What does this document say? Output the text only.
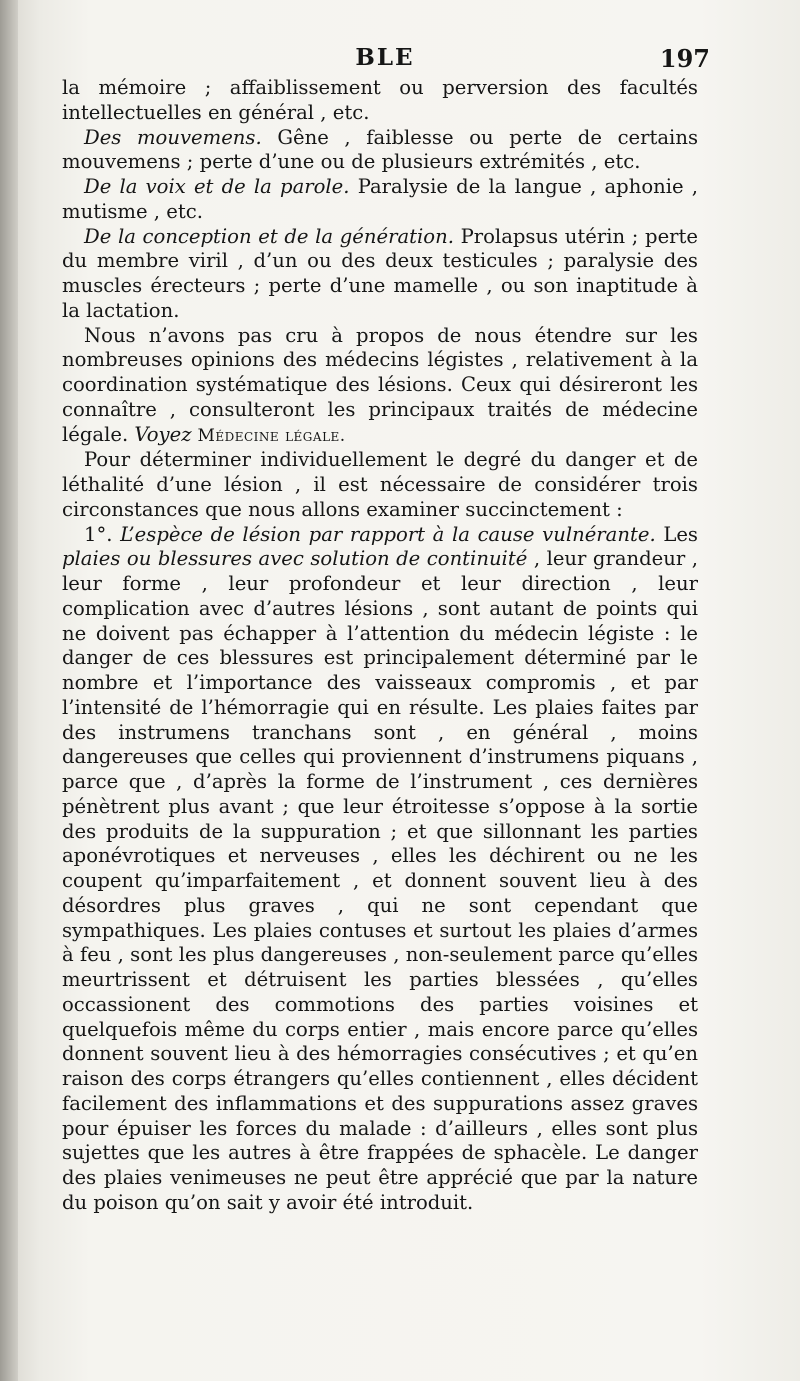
BLE	197

la mémoire ; affaiblissement ou perversion des facultés intellectuelles en général , etc.

Des mouvemens. Gêne , faiblesse ou perte de certains mouvemens ; perte d’une ou de plusieurs extrémités , etc.

De la voix et de la parole. Paralysie de la langue , aphonie , mutisme , etc.

De la conception et de la génération. Prolapsus utérin ; perte du membre viril , d’un ou des deux testicules ; paralysie des muscles érecteurs ; perte d’une mamelle , ou son inaptitude à la lactation.

Nous n’avons pas cru à propos de nous étendre sur les nombreuses opinions des médecins légistes , relativement à la coordination systématique des lésions. Ceux qui désireront les connaître , consulteront les principaux traités de médecine légale. Voyez Médecine légale.

Pour déterminer individuellement le degré du danger et de léthalité d’une lésion , il est nécessaire de considérer trois circonstances que nous allons examiner succinctement :

1°. L’espèce de lésion par rapport à la cause vulnérante. Les plaies ou blessures avec solution de continuité , leur grandeur , leur forme , leur profondeur et leur direction , leur complication avec d’autres lésions , sont autant de points qui ne doivent pas échapper à l’attention du médecin légiste : le danger de ces blessures est principalement déterminé par le nombre et l’importance des vaisseaux compromis , et par l’intensité de l’hémorragie qui en résulte. Les plaies faites par des instrumens tranchans sont , en général , moins dangereuses que celles qui proviennent d’instrumens piquans , parce que , d’après la forme de l’instrument , ces dernières pénètrent plus avant ; que leur étroitesse s’oppose à la sortie des produits de la suppuration ; et que sillonnant les parties aponévrotiques et nerveuses , elles les déchirent ou ne les coupent qu’imparfaitement , et donnent souvent lieu à des désordres plus graves , qui ne sont cependant que sympathiques. Les plaies contuses et surtout les plaies d’armes à feu , sont les plus dangereuses , non-seulement parce qu’elles meurtrissent et détruisent les parties blessées , qu’elles occassionent des commotions des parties voisines et quelquefois même du corps entier , mais encore parce qu’elles donnent souvent lieu à des hémorragies consécutives ; et qu’en raison des corps étrangers qu’elles contiennent , elles décident facilement des inflammations et des suppurations assez graves pour épuiser les forces du malade : d’ailleurs , elles sont plus sujettes que les autres à être frappées de sphacèle. Le danger des plaies venimeuses ne peut être apprécié que par la nature du poison qu’on sait y avoir été introduit.
